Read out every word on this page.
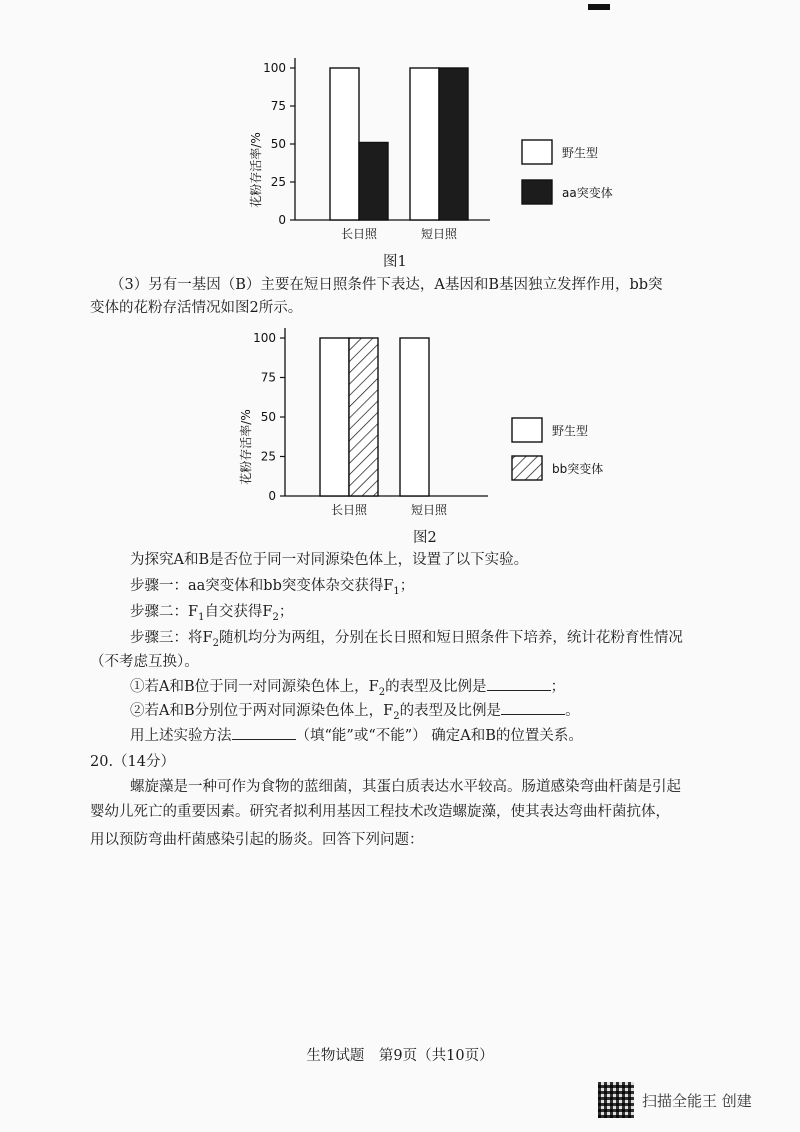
花粉存活率/%
0
25
50
75
100
长日照	短日照
野生型
aa突变体
图1
（3）另有一基因（B）主要在短日照条件下表达，A基因和B基因独立发挥作用，bb突
变体的花粉存活情况如图2所示。
花粉存活率/%
0
25
50
75
100
长日照	短日照
野生型
bb突变体
图2
为探究A和B是否位于同一对同源染色体上，设置了以下实验。
步骤一：aa突变体和bb突变体杂交获得$F_1$；
步骤二：$F_1$自交获得$F_2$；
步骤三：将$F_2$随机均分为两组，分别在长日照和短日照条件下培养，统计花粉育性情况
（不考虑互换）。
①若A和B位于同一对同源染色体上，$F_2$的表型及比例是	；
②若A和B分别位于两对同源染色体上，$F_2$的表型及比例是	。
用上述实验方法	（填“能”或“不能”） 确定A和B的位置关系。
20.（14分）
螺旋藻是一种可作为食物的蓝细菌，其蛋白质表达水平较高。肠道感染弯曲杆菌是引起
婴幼儿死亡的重要因素。研究者拟利用基因工程技术改造螺旋藻，使其表达弯曲杆菌抗体，
用以预防弯曲杆菌感染引起的肠炎。回答下列问题：
生物试题　第9页（共10页）
扫描全能王 创建
